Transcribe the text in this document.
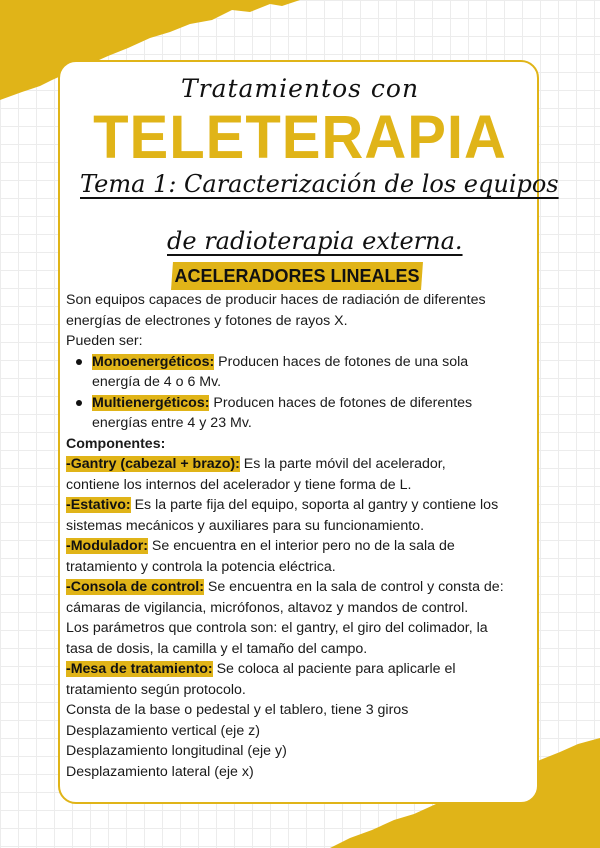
Tratamientos con
TELETERAPIA
Tema 1: Caracterización de los equipos
de radioterapia externa.
ACELERADORES LINEALES

Son equipos capaces de producir haces de radiación de diferentes

energías de electrones y fotones de rayos X.

Pueden ser:

Monoenergéticos: Producen haces de fotones de una sola
energía de 4 o 6 Mv.
Multienergéticos: Producen haces de fotones de diferentes
energías entre 4 y 23 Mv.

Componentes:

-Gantry (cabezal + brazo): Es la parte móvil del acelerador,

contiene los internos del acelerador y tiene forma de L.

-Estativo: Es la parte fija del equipo, soporta al gantry y contiene los

sistemas mecánicos y auxiliares para su funcionamiento.

-Modulador: Se encuentra en el interior pero no de la sala de

tratamiento y controla la potencia eléctrica.

-Consola de control: Se encuentra en la sala de control y consta de:

cámaras de vigilancia, micrófonos, altavoz y mandos de control.

Los parámetros que controla son: el gantry, el giro del colimador, la

tasa de dosis, la camilla y el tamaño del campo.

-Mesa de tratamiento: Se coloca al paciente para aplicarle el

tratamiento según protocolo.

Consta de la base o pedestal y el tablero, tiene 3 giros

Desplazamiento vertical (eje z)

Desplazamiento longitudinal (eje y)

Desplazamiento lateral (eje x)
